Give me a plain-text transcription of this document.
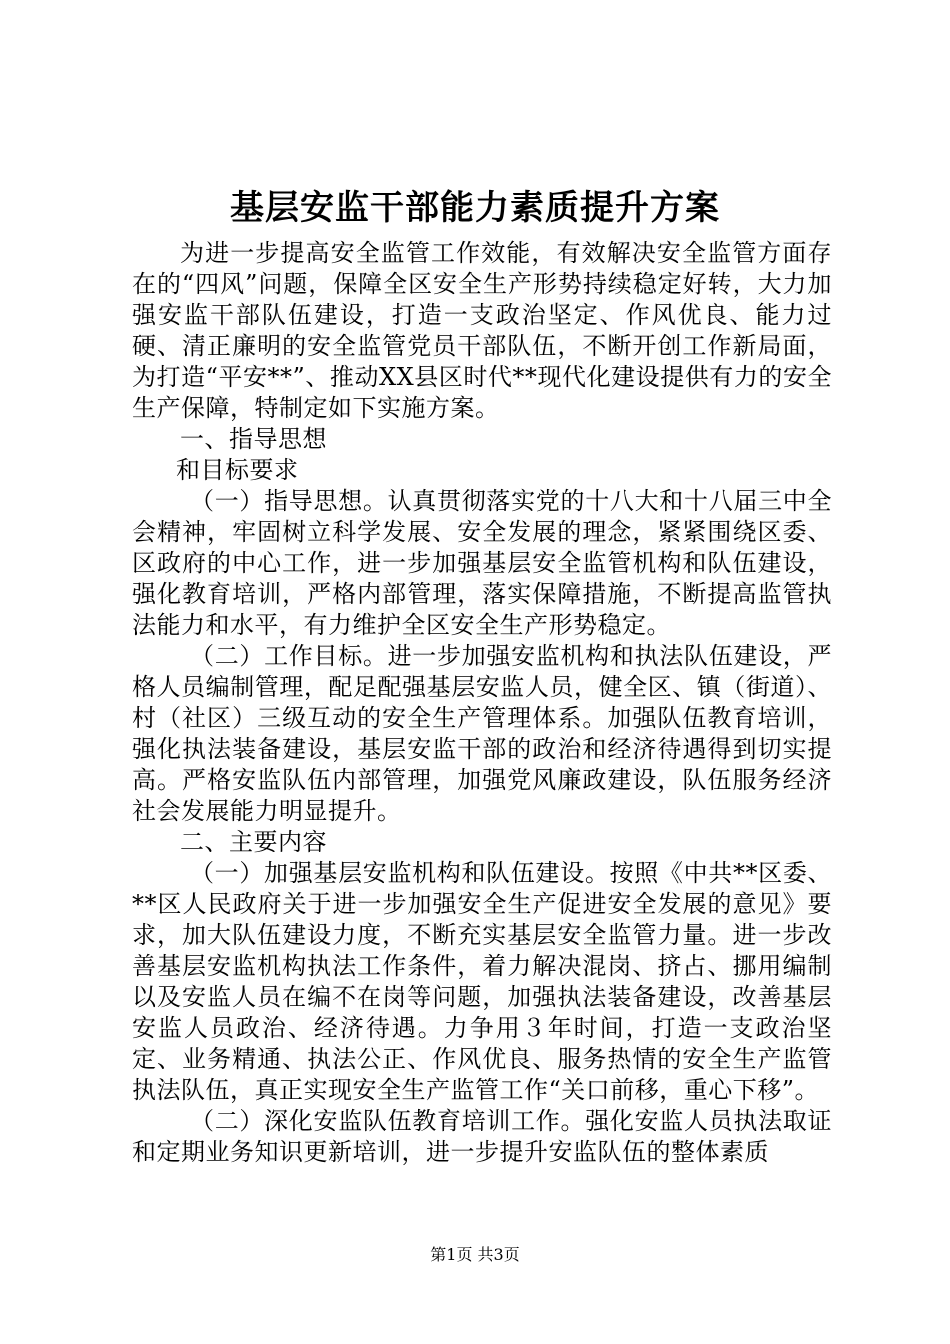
基层安监干部能力素质提升方案

为进一步提高安全监管工作效能，有效解决安全监管方面存在的“四风”问题，保障全区安全生产形势持续稳定好转，大力加强安监干部队伍建设，打造一支政治坚定、作风优良、能力过硬、清正廉明的安全监管党员干部队伍，不断开创工作新局面，为打造“平安**”、推动XX县区时代**现代化建设提供有力的安全生产保障，特制定如下实施方案。

一、指导思想

和目标要求

（一）指导思想。认真贯彻落实党的十八大和十八届三中全会精神，牢固树立科学发展、安全发展的理念，紧紧围绕区委、区政府的中心工作，进一步加强基层安全监管机构和队伍建设，强化教育培训，严格内部管理，落实保障措施，不断提高监管执法能力和水平，有力维护全区安全生产形势稳定。

（二）工作目标。进一步加强安监机构和执法队伍建设，严格人员编制管理，配足配强基层安监人员，健全区、镇（街道）、村（社区）三级互动的安全生产管理体系。加强队伍教育培训，强化执法装备建设，基层安监干部的政治和经济待遇得到切实提高。严格安监队伍内部管理，加强党风廉政建设，队伍服务经济社会发展能力明显提升。

二、主要内容

（一）加强基层安监机构和队伍建设。按照《中共**区委、**区人民政府关于进一步加强安全生产促进安全发展的意见》要求，加大队伍建设力度，不断充实基层安全监管力量。进一步改善基层安监机构执法工作条件，着力解决混岗、挤占、挪用编制以及安监人员在编不在岗等问题，加强执法装备建设，改善基层安监人员政治、经济待遇。力争用３年时间，打造一支政治坚定、业务精通、执法公正、作风优良、服务热情的安全生产监管执法队伍，真正实现安全生产监管工作“关口前移，重心下移”。

（二）深化安监队伍教育培训工作。强化安监人员执法取证和定期业务知识更新培训，进一步提升安监队伍的整体素质

第1页 共3页
